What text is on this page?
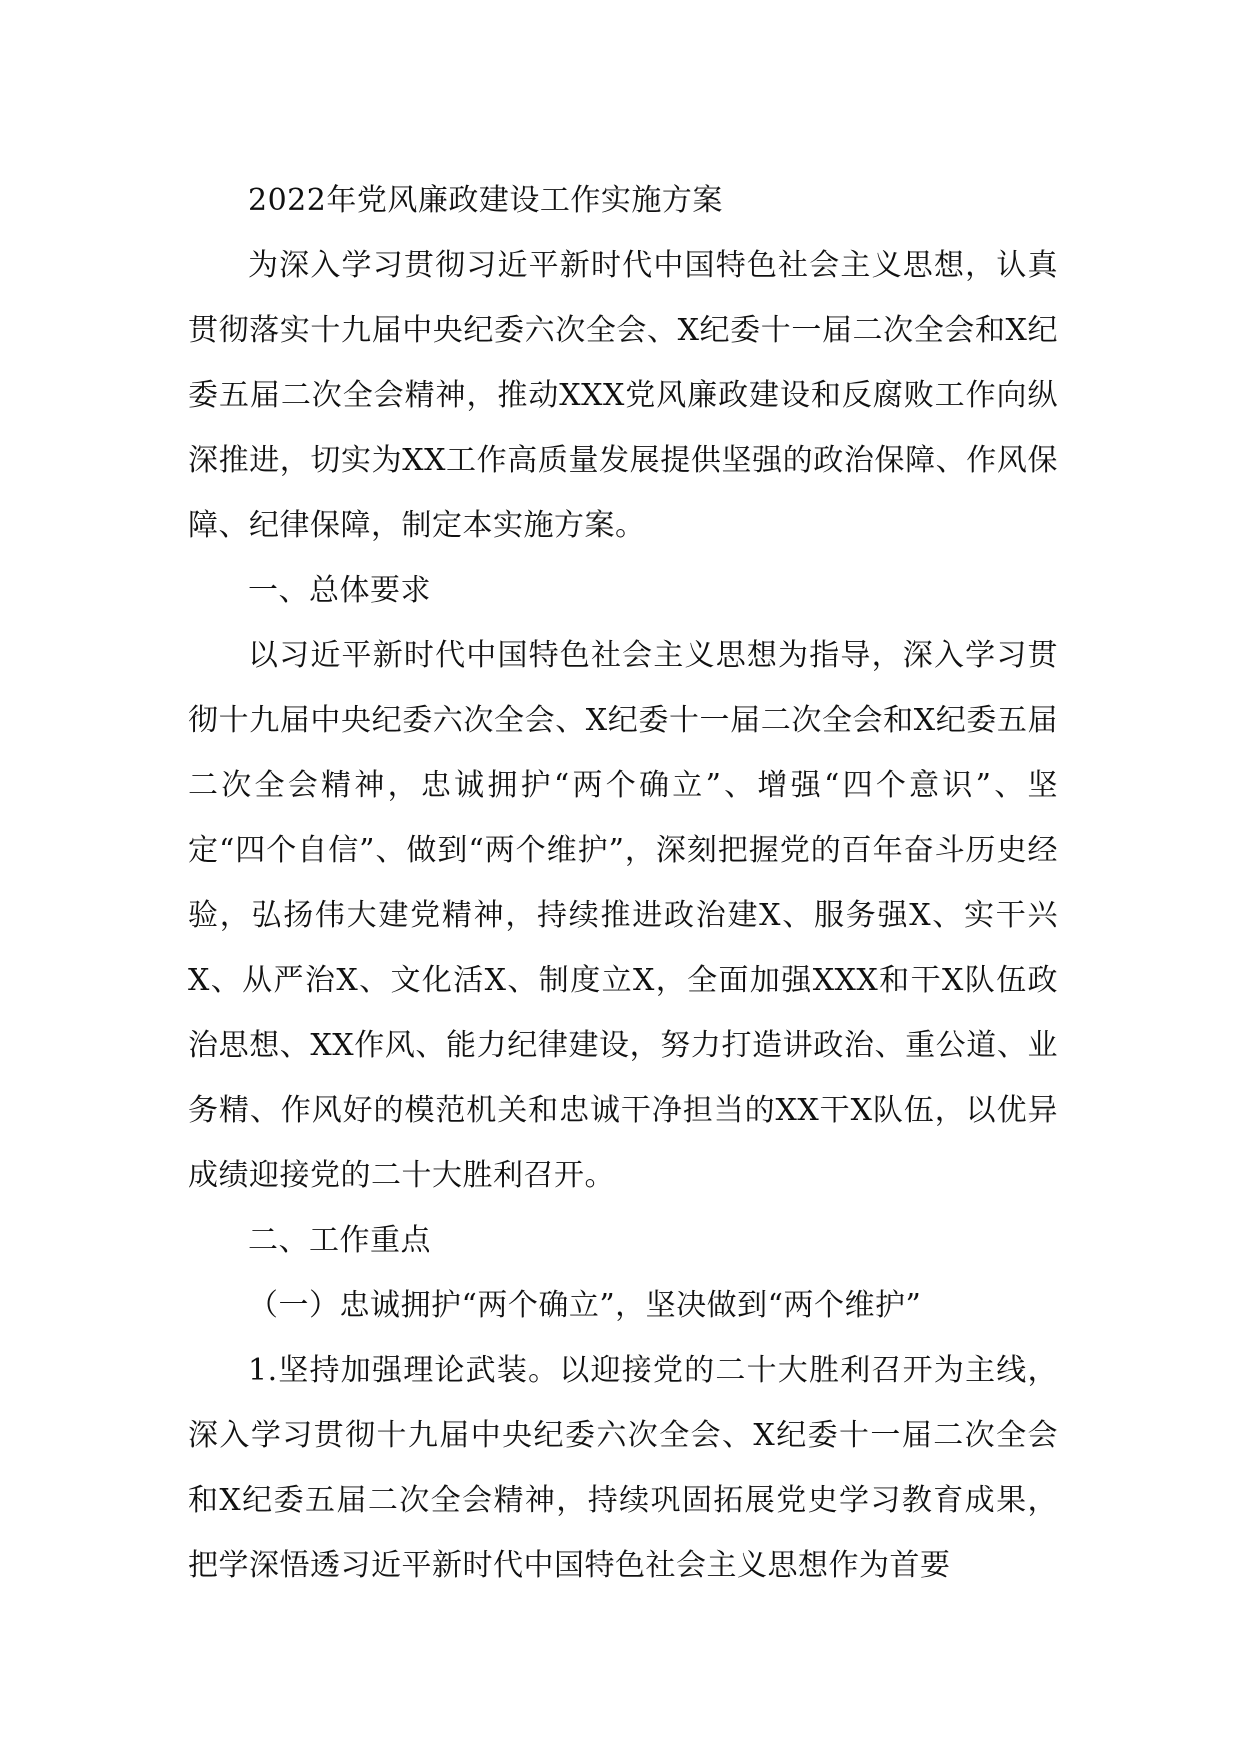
2022年党风廉政建设工作实施方案

为深入学习贯彻习近平新时代中国特色社会主义思想，认真贯彻落实十九届中央纪委六次全会、X纪委十一届二次全会和X纪委五届二次全会精神，推动XXX党风廉政建设和反腐败工作向纵深推进，切实为XX工作高质量发展提供坚强的政治保障、作风保障、纪律保障，制定本实施方案。

一、总体要求

以习近平新时代中国特色社会主义思想为指导，深入学习贯彻十九届中央纪委六次全会、X纪委十一届二次全会和X纪委五届二次全会精神，忠诚拥护“两个确立”、增强“四个意识”、坚定“四个自信”、做到“两个维护”，深刻把握党的百年奋斗历史经验，弘扬伟大建党精神，持续推进政治建X、服务强X、实干兴X、从严治X、文化活X、制度立X，全面加强XXX和干X队伍政治思想、XX作风、能力纪律建设，努力打造讲政治、重公道、业务精、作风好的模范机关和忠诚干净担当的XX干X队伍，以优异成绩迎接党的二十大胜利召开。

二、工作重点

（一）忠诚拥护“两个确立”，坚决做到“两个维护”

1.坚持加强理论武装。以迎接党的二十大胜利召开为主线，深入学习贯彻十九届中央纪委六次全会、X纪委十一届二次全会和X纪委五届二次全会精神，持续巩固拓展党史学习教育成果，把学深悟透习近平新时代中国特色社会主义思想作为首要
